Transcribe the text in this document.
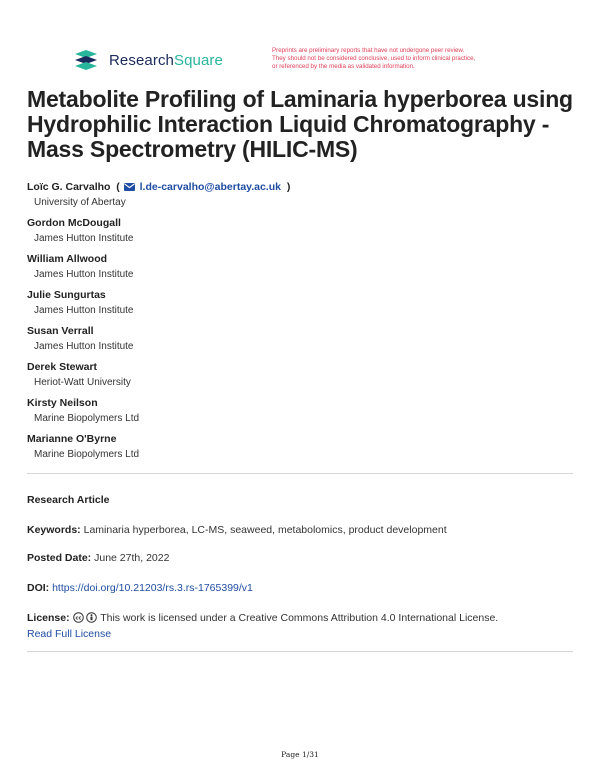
ResearchSquare
Preprints are preliminary reports that have not undergone peer review.
They should not be considered conclusive, used to inform clinical practice,
or referenced by the media as validated information.
Metabolite Profiling of Laminaria hyperborea using Hydrophilic Interaction Liquid Chromatography - Mass Spectrometry (HILIC-MS)
Loïc G. Carvalho  ( l.de-carvalho@abertay.ac.uk  )
University of Abertay
Gordon McDougall
James Hutton Institute
William Allwood
James Hutton Institute
Julie Sungurtas
James Hutton Institute
Susan Verrall
James Hutton Institute
Derek Stewart
Heriot-Watt University
Kirsty Neilson
Marine Biopolymers Ltd
Marianne O'Byrne
Marine Biopolymers Ltd
Research Article
Keywords: Laminaria hyperborea, LC-MS, seaweed, metabolomics, product development
Posted Date: June 27th, 2022
DOI: https://doi.org/10.21203/rs.3.rs-1765399/v1
License: cc This work is licensed under a Creative Commons Attribution 4.0 International License.
Read Full License
Page 1/31
